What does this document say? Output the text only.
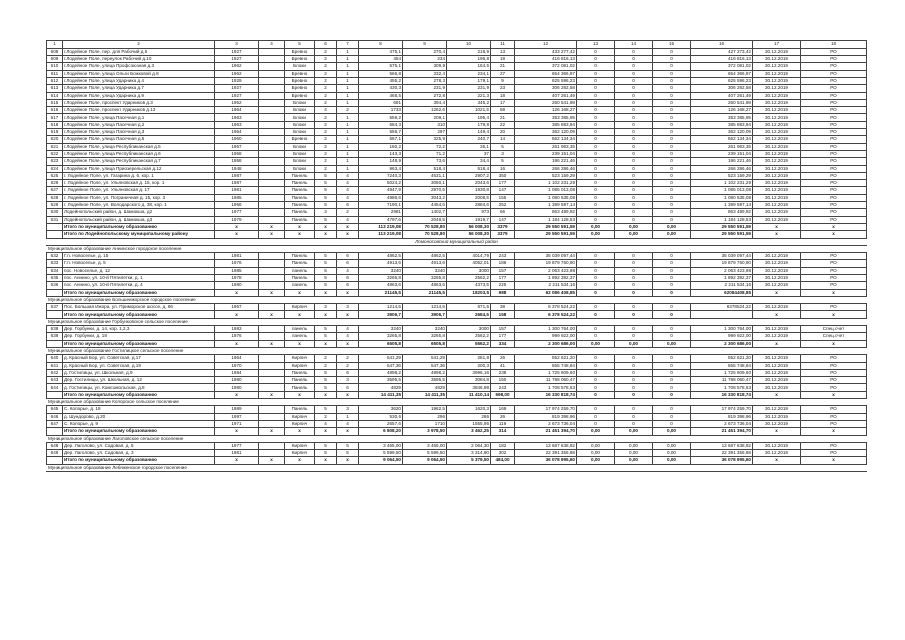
1	2	3	4	5	6	7	8	9	10	11	12	13	14	15	16	17	18
608	г.Лодейное Поле, пер. для Рабочий д.5	1927		Бревно	2	1	475,1	270,4	218,9	13	433 277,42	0	0	0	427 273,42	30.12.2019	РО
609	г.Лодейное Поле, переулок Рабочий д.10	1927		Бревно	2	1	454	234	196,8	18	416 816,13	0	0	0	416 816,13	30.12.2019	РО
610	г.Лодейное Поле, улица Профсоюзная д.3	1962		Блоки	2	1	575,1	309,9	164,5	21	372 081,02	0	0	0	372 081,02	30.12.2019	РО
611	г.Лодейное Поле, улица Ольги Божковой д.8	1962		Бревно	2	1	566,8	332,4	234,1	27	654 366,97	0	0	0	654 366,97	30.12.2019	РО
612	г.Лодейное Поле, улица Ударника д.4	1929		Бревно	2	1	455,2	278,3	179,1	9	625 596,23	0	0	0	625 596,23	30.12.2019	РО
613	г.Лодейное Поле, улица Ударника д.7	1927		Бревно	2	1	430,3	231,9	231,9	23	306 282,58	0	0	0	306 282,58	30.12.2019	РО
614	г.Лодейное Поле, улица Ударника д.9	1927		Бревно	2	1	468,5	272,8	221,3	18	407 261,49	0	0	0	407 261,49	30.12.2019	РО
615	г.Лодейное Поле, проспект Ударников д.3	1952		Блоки	2	1	691	394,4	345,2	17	260 541,98	0	0	0	260 541,98	30.12.2019	РО
616	г.Лодейное Поле, проспект Ударников д.13	1964		Блоки	4	2	1733	1262,6	1021,5	58	126 168,27	0	0	0	126 168,27	30.12.2019	РО
617	г.Лодейное Поле, улица Пасечная д.1	1963		Блоки	2	1	559,2	209,1	195,4	21	353 385,95	0	0	0	353 385,95	30.12.2019	РО
618	г.Лодейное Поле, улица Пасечная д.2	1963		Блоки	2	1	584,3	310	179,8	22	385 883,94	0	0	0	385 883,94	30.12.2019	РО
619	г.Лодейное Поле, улица Пасечная д.3	1964		Блоки	2	1	556,7	297	149,4	20	362 120,09	0	0	0	362 120,09	30.12.2019	РО
620	г.Лодейное Поле, улица Пасечная д.5	1960		Бревно	2	1	567,1	325,9	240,7	14	662 134,34	0	0	0	662 134,34	30.12.2019	РО
621	г.Лодейное Поле, улица Республиканская д.5	1957		Блоки	2	1	160,2	72,2	35,1	5	261 963,35	0	0	0	261 963,35	30.12.2019	РО
622	г.Лодейное Поле, улица Республиканская д.6	1958		Блоки	2	1	143,3	71,2	37	3	239 151,04	0	0	0	239 151,04	30.12.2019	РО
623	г.Лодейное Поле, улица Республиканская д.7	1958		Блоки	2	1	148,9	73,6	34,4	5	196 221,46	0	0	0	196 221,46	30.12.2019	РО
624	г.Лодейное Поле, улица Приозерельская д.12	1948		Блоки	2	1	963,4	518,4	518,4	16	266 286,46	0	0	0	266 286,46	30.12.2019	РО
625	г. Лодейное Поле, ул. Гагарина д. 6, кор. 1	1987		Панель	5	4	7240,3	4631,1	2907,2	350	523 159,29	0	0	0	523 159,29	30.12.2019	РО
626	г. Лодейное Поле, ул. Ульяновская д. 15, кор. 1	1987		Панель	5	4	5024,2	3050,1	2043,6	177	1 102 231,29	0	0	0	1 102 231,29	30.12.2019	РО
627	г. Лодейное Поле, ул. Ульяновская д. 17	1981		Панель	5	4	4947,9	2970,5	1930,8	147	1 085 013,08	0	0	0	1 085 013,08	30.12.2019	РО
628	г. Лодейное Поле, ул. Пограничная д. 15, кор. 3	1985		Панель	5	4	4986,6	3043,2	2008,5	155	1 090 535,08	0	0	0	1 090 535,08	30.12.2019	РО
629	г. Лодейное Поле, ул. Володарского д. 38, кор. 1	1966		Панель	5	6	7190,1	4454,6	2884,6	252	1 399 597,14	0	0	0	1 399 597,14	30.12.2019	РО
630	Лодейнопольский район, д. Шамокша, д2	1977		Панель	3	2	2981	1402,7	973	66	863 489,92	0	0	0	863 489,92	30.12.2019	РО
631	Лодейнопольский район, д. Шамокша, д3	1979		Панель	5	4	4797,6	2049,5	1919,7	147	1 184 128,53	0	0	0	1 184 128,53	30.12.2019	РО
	Итого по муниципальному образованию	x	x	x	x	x	113 219,08	70 528,80	56 008,30	3379	29 550 591,59	0,00	0,00	0,00	29 550 591,59	x	x
	Итого по Лодейнопольскому муниципальному району	x	x	x	x	x	113 219,08	70 528,80	56 008,30	3379	29 550 591,59	0,00	0,00	0,00	29 550 591,59	x	x
Ломоносовский муниципальный район																	
Муниципальное образование Аннинское городское поселение																	
632	Г.п. Новоселье, д. 15	1981		Панель	5	6	4862,5	4862,5	4014,79	243	36 039 097,44	0	0	0	36 039 097,44	30.12.2019	РО
633	Г.п. Новоселье, д. 5	1976		Панель	5	6	4913,6	4913,6	4052,01	186	19 879 760,90	0	0	0	19 879 760,90	30.12.2019	РО
634	пос. Новоселье, д. 12	1985		панель	5	4	3240	3240	3000	157	2 063 423,98	0	0	0	2 063 423,98	30.12.2019	РО
635	пос. Аннино, ул. 10-й Пятилетки, д. 1	1978		Панель	5	6	3265,8	3265,8	2562,2	177	1 892 392,37	0	0	0	1 892 392,37	30.12.2019	РО
636	пос. Аннино, ул. 10-й Пятилетки, д. 4	1980		панель	5	6	4863,6	4863,6	4373,5	225	2 211 534,16	0	0	0	2 211 534,16	30.12.2019	РО
	Итого по муниципальному образованию	x	x	x	x	x	21145,5	21145,5	18203,5	988	62 086 408,85	0	0	0	62084408,85	x	x
Муниципальное образование Большеижорское городское поселение																	
637	Пос. Большая Ижора, ул. Приморское шоссе, д. 66	1957		Кирпич	3	3	1214,5	1214,5	671,5	38	6 378 524,22	0	0	0	6378524,22	30.12.2019	РО
	Итого по муниципальному образованию	x	x	x	x	x	3906,7	3906,7	2684,5	158	6 378 524,22	0	0	0		x	x
Муниципальное образование Горбунковское сельское поселение																	
638	Дер. Горбунки, д. 14, кор. 1,2,3	1983		панель	5	4	3240	3240	3000	157	1 300 764,00	0	0	0	1 300 764,00	30.12.2019	Спец.счет
639	Дер. Горбунки, д. 18	1976		панель	5	4	3265,8	3265,8	2562,2	177	999 922,00	0	0	0	999 922,00	30.12.2019	Спец.счет
	Итого по муниципальному образованию	x	x	x	x	x	6505,8	6505,8	5562,2	334	2 300 686,00	0,00	0,00	0,00	2 300 686,00	x	x
Муниципальное образование Гостилицкое сельское поселение																	
640	д. Красный Бор, ул. Советская, д.17	1964		Кирпич	2	2	541,29	541,29	281,8	26	552 621,20	0	0	0	552 621,20	30.12.2019	РО
641	д. Красный Бор, ул. Советская, д.19	1970		Кирпич	2	2	547,36	547,36	200,3	41	555 748,84	0	0	0	555 748,84	30.12.2019	РО
642	д. Гостилицы, ул. Школьная, д.9	1984		Панель	5	6	4898,2	4898,2	3996,16	238	1 725 809,60	0	0	0	1 725 809,60	30.12.2019	РО
643	Дер. Гостилицы, ул. Школьная, д. 12	1980		Панель	5	3	3595,5	3595,5	3084,8	150	11 788 060,47	0	0	0	11 788 060,47	30.12.2019	РО
644	д. Гостилицы, ул. Комсомольская, д.8	1980		Панель	5	6	4829	4829	3846,98	243	1 708 578,63	0	0	0	1 708 578,63	30.12.2019	РО
	Итого по муниципальному образованию	x	x	x	x	x	14 411,35	14 411,35	11 410,14	698,00	16 330 818,74	0	0	0	16 330 818,74	x	x
Муниципальное образование Копорское сельское поселение																	
645	С. Копорье, д. 18	1989		Панель	5	3	3620	1962,5	1620,3	169	17 974 259,70	0	0	0	17 974 259,70	30.12.2019	РО
646	д. Шундорово, д.20	1997		Кирпич	2	1	530,6	296	286	26	819 398,96	0	0	0	819 398,96	30.12.2019	РО
647	С. Копорье, д. 9	1971		Кирпич	4	4	2657,6	1710	1555,95	119	2 673 736,04	0	0	0	2 673 736,04	30.12.2019	РО
	Итого по муниципальному образованию	x	x	x	x	x	6 808,20	3 978,50	3 462,25	314	21 451 394,70	0,00	0,00	0,00	21 451 394,70	x	x
Муниципальное образование Лаголовское сельское поселение																	
648	Дер. Лаголово, ул. Садовая, д. 5	1977		Кирпич	5	5	3 465,00	3 465,00	2 064,30	182	13 687 638,92	0,00	0,00	0,00	13 687 638,92	30.12.2019	РО
649	Дер. Лаголово, ул. Садовая, д. 3	1981		Кирпич	5	5	5 599,50	5 599,50	3 314,90	302	22 391 356,68	0,00	0,00	0,00	22 391 356,68	30.12.2019	РО
	Итого по муниципальному образованию	x	x	x	x	x	9 064,50	9 064,50	5 379,50	484,00	36 078 995,60	0,00	0,00	0,00	36 078 995,60	x	x
Муниципальное образование Лебяженское городское поселение																	
